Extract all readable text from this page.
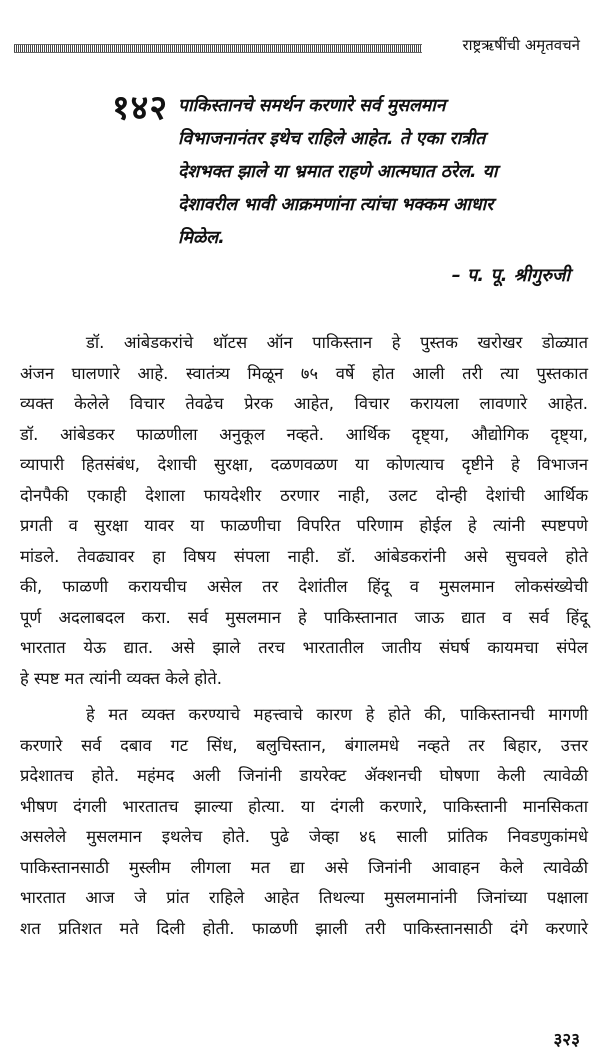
राष्ट्रऋषींची अमृतवचने
१४२ पाकिस्तानचे समर्थन करणारे सर्व मुसलमान
विभाजनानंतर इथेच राहिले आहेत. ते एका रात्रीत
देशभक्त झाले या भ्रमात राहणे आत्मघात ठरेल. या
देशावरील भावी आक्रमणांना त्यांचा भक्कम आधार
मिळेल.
– प. पू. श्रीगुरुजी
डॉ. आंबेडकरांचे थॉटस ऑन पाकिस्तान हे पुस्तक खरोखर डोळ्यात
अंजन घालणारे आहे. स्वातंत्र्य मिळून ७५ वर्षे होत आली तरी त्या पुस्तकात
व्यक्त केलेले विचार तेवढेच प्रेरक आहेत, विचार करायला लावणारे आहेत.
डॉ. आंबेडकर फाळणीला अनुकूल नव्हते. आर्थिक दृष्ट्या, औद्योगिक दृष्ट्या,
व्यापारी हितसंबंध, देशाची सुरक्षा, दळणवळण या कोणत्याच दृष्टीने हे विभाजन
दोनपैकी एकाही देशाला फायदेशीर ठरणार नाही, उलट दोन्ही देशांची आर्थिक
प्रगती व सुरक्षा यावर या फाळणीचा विपरित परिणाम होईल हे त्यांनी स्पष्टपणे
मांडले. तेवढ्यावर हा विषय संपला नाही. डॉ. आंबेडकरांनी असे सुचवले होते
की, फाळणी करायचीच असेल तर देशांतील हिंदू व मुसलमान लोकसंख्येची
पूर्ण अदलाबदल करा. सर्व मुसलमान हे पाकिस्तानात जाऊ द्यात व सर्व हिंदू
भारतात येऊ द्यात. असे झाले तरच भारतातील जातीय संघर्ष कायमचा संपेल
हे स्पष्ट मत त्यांनी व्यक्त केले होते.
हे मत व्यक्त करण्याचे महत्त्वाचे कारण हे होते की, पाकिस्तानची मागणी
करणारे सर्व दबाव गट सिंध, बलुचिस्तान, बंगालमधे नव्हते तर बिहार, उत्तर
प्रदेशातच होते. महंमद अली जिनांनी डायरेक्ट ॲक्शनची घोषणा केली त्यावेळी
भीषण दंगली भारतातच झाल्या होत्या. या दंगली करणारे, पाकिस्तानी मानसिकता
असलेले मुसलमान इथलेच होते. पुढे जेव्हा ४६ साली प्रांतिक निवडणुकांमधे
पाकिस्तानसाठी मुस्लीम लीगला मत द्या असे जिनांनी आवाहन केले त्यावेळी
भारतात आज जे प्रांत राहिले आहेत तिथल्या मुसलमानांनी जिनांच्या पक्षाला
शत प्रतिशत मते दिली होती. फाळणी झाली तरी पाकिस्तानसाठी दंगे करणारे
३२३
